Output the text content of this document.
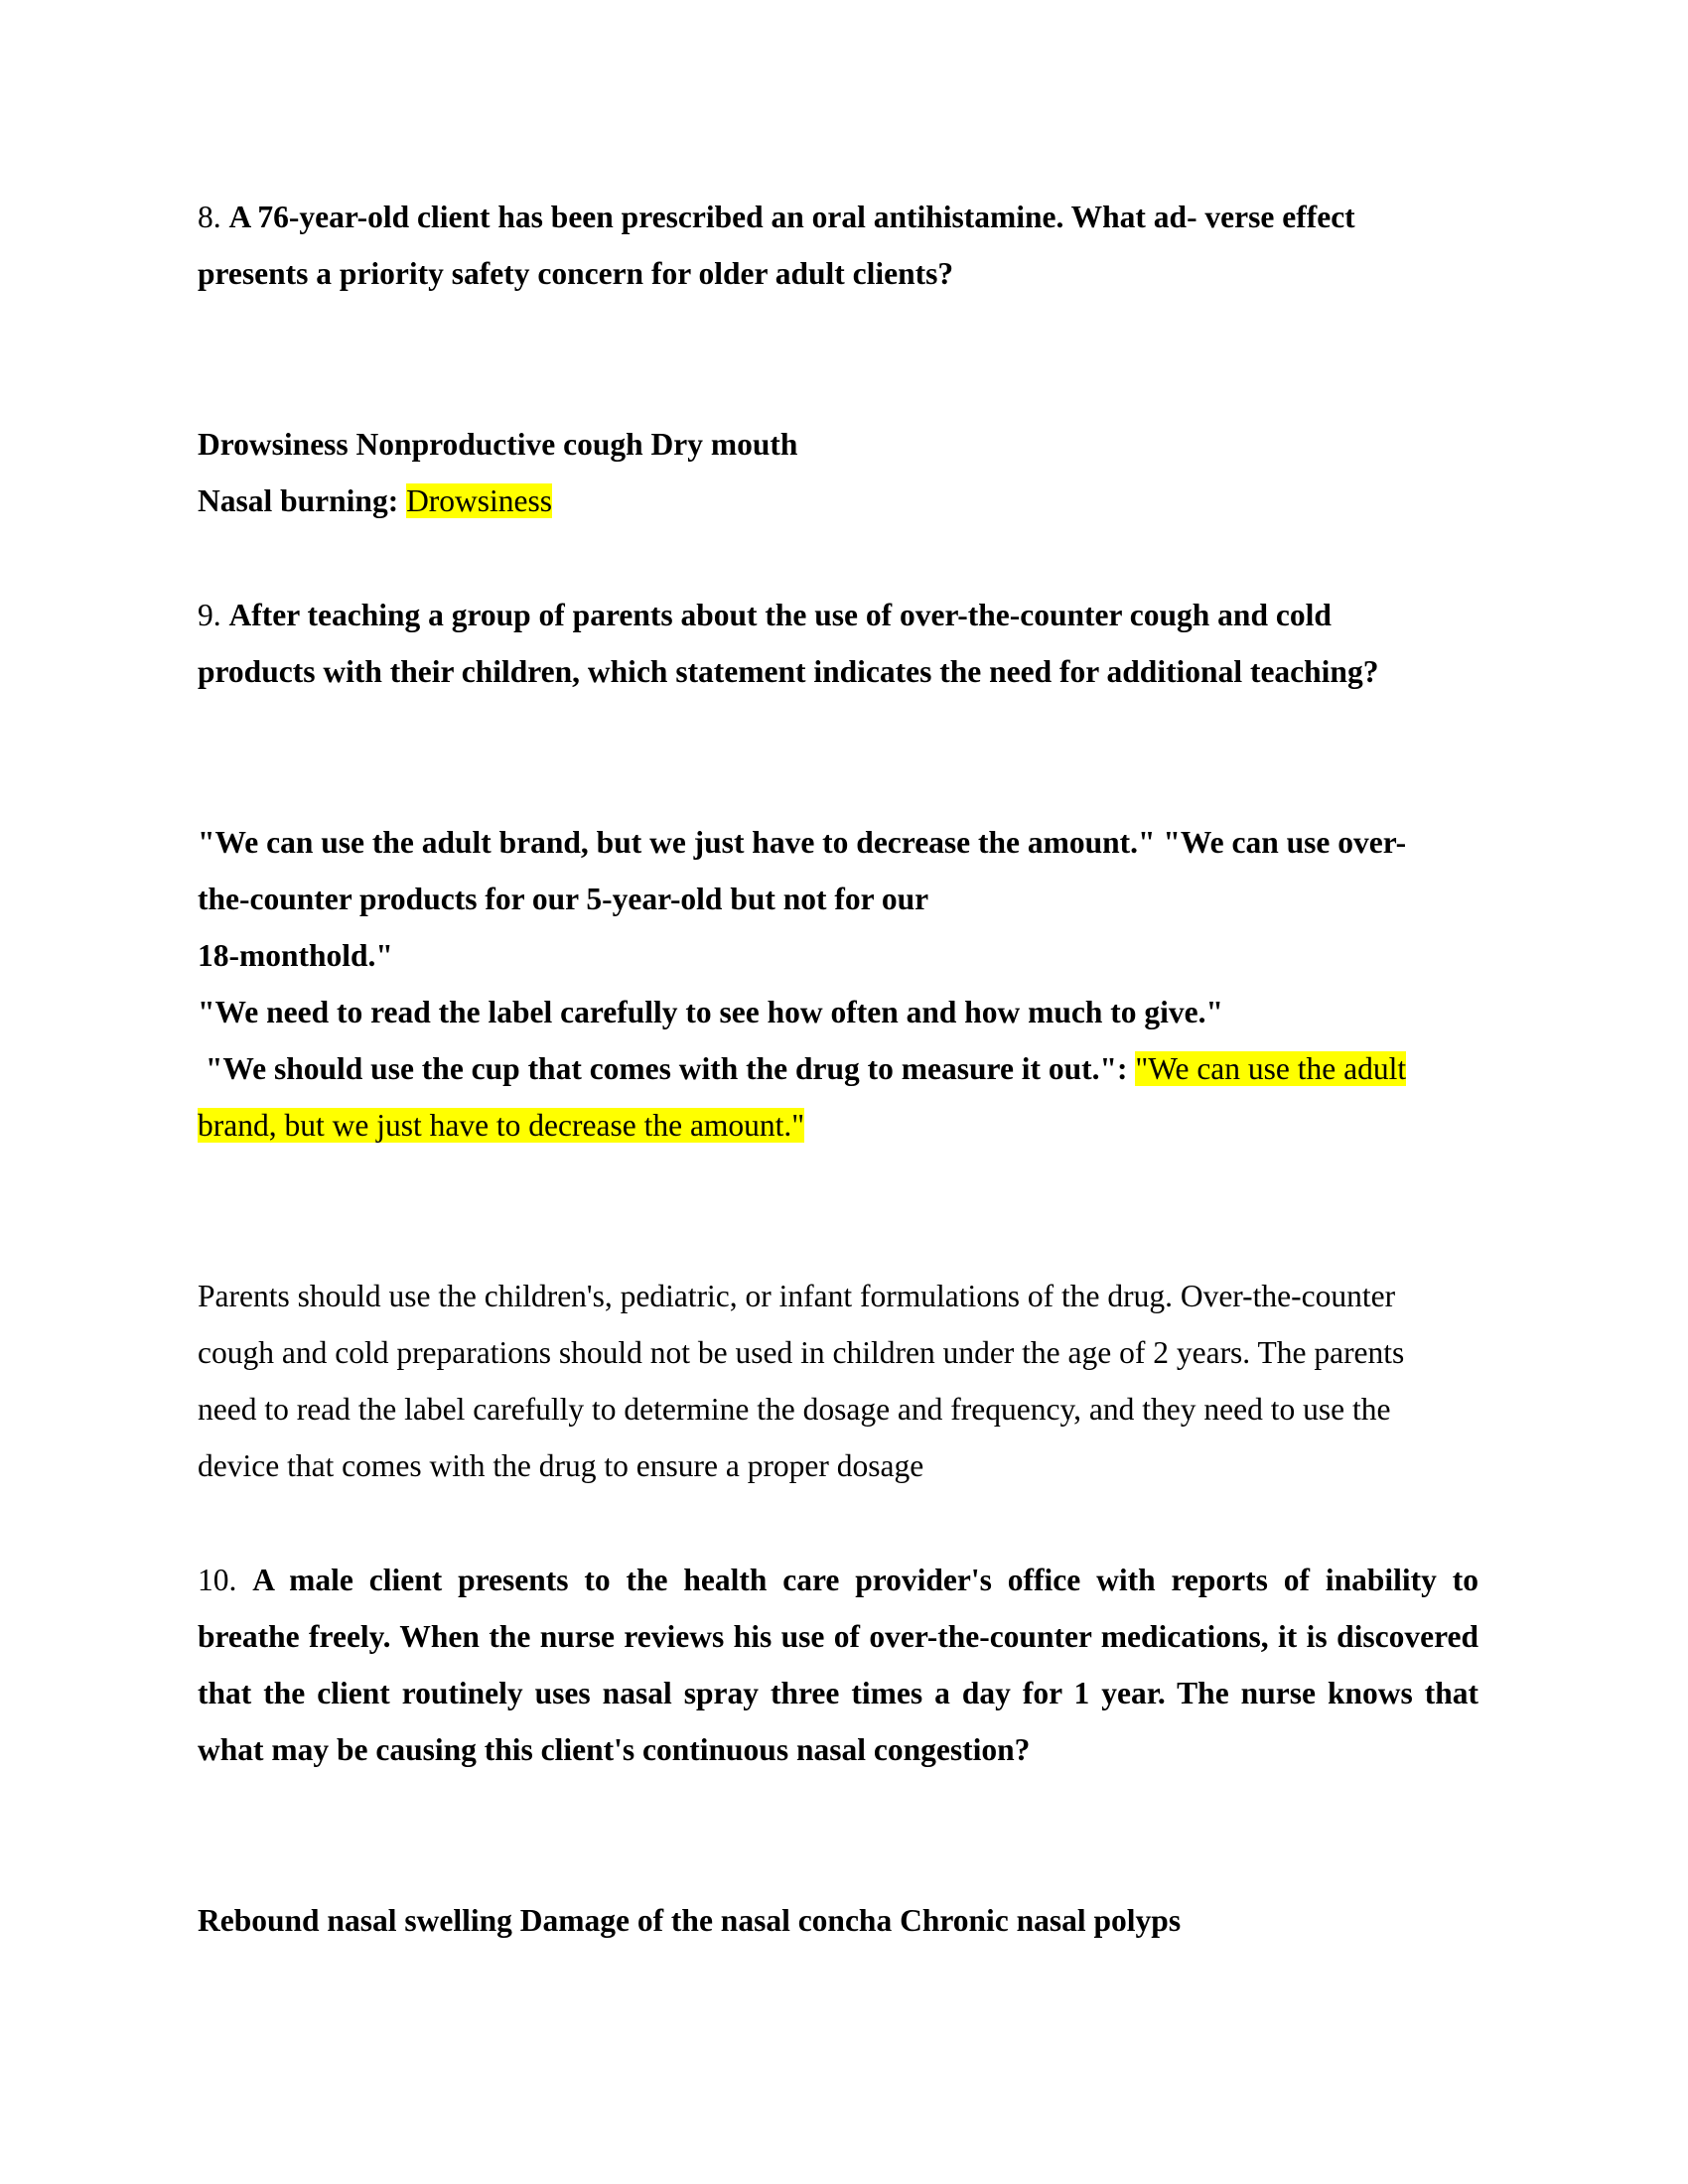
8. A 76-year-old client has been prescribed an oral antihistamine. What ad- verse effect
presents a priority safety concern for older adult clients?
Drowsiness Nonproductive cough Dry mouth
Nasal burning: Drowsiness
9. After teaching a group of parents about the use of over-the-counter cough and cold
products with their children, which statement indicates the need for additional teaching?
"We can use the adult brand, but we just have to decrease the amount." "We can use over-
the-counter products for our 5-year-old but not for our
18-monthold."
"We need to read the label carefully to see how often and how much to give."
"We should use the cup that comes with the drug to measure it out.": "We can use the adult
brand, but we just have to decrease the amount."
Parents should use the children's, pediatric, or infant formulations of the drug. Over-the-counter
cough and cold preparations should not be used in children under the age of 2 years. The parents
need to read the label carefully to determine the dosage and frequency, and they need to use the
device that comes with the drug to ensure a proper dosage
10. A male client presents to the health care provider's office with reports of inability to
breathe freely. When the nurse reviews his use of over-the-counter medications, it is discovered
that the client routinely uses nasal spray three times a day for 1 year. The nurse knows that
what may be causing this client's continuous nasal congestion?
Rebound nasal swelling Damage of the nasal concha Chronic nasal polyps
